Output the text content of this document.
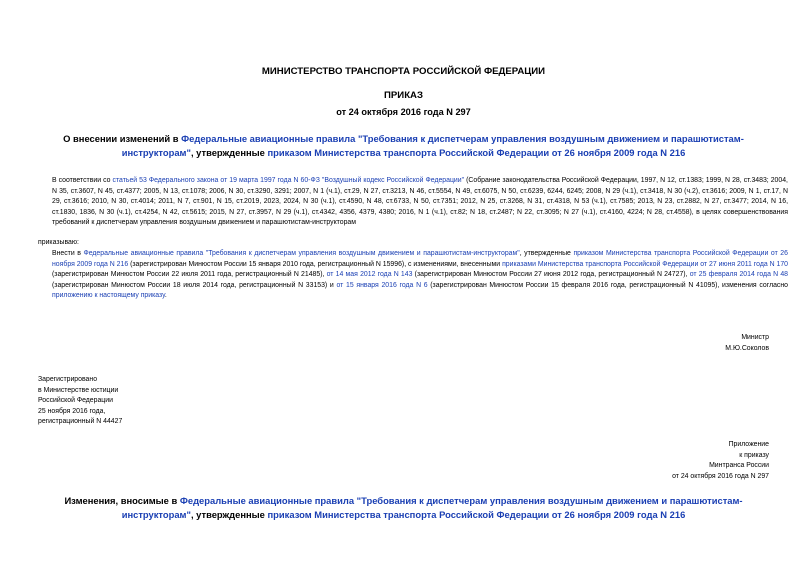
МИНИСТЕРСТВО ТРАНСПОРТА РОССИЙСКОЙ ФЕДЕРАЦИИ
ПРИКАЗ
от 24 октября 2016 года N 297
О внесении изменений в Федеральные авиационные правила "Требования к диспетчерам управления воздушным движением и парашютистам-инструкторам", утвержденные приказом Министерства транспорта Российской Федерации от 26 ноября 2009 года N 216
В соответствии со статьей 53 Федерального закона от 19 марта 1997 года N 60-ФЗ "Воздушный кодекс Российской Федерации" (Собрание законодательства Российской Федерации, 1997, N 12, ст.1383; 1999, N 28, ст.3483; 2004, N 35, ст.3607, N 45, ст.4377; 2005, N 13, ст.1078; 2006, N 30, ст.3290, 3291; 2007, N 1 (ч.1), ст.29, N 27, ст.3213, N 46, ст.5554, N 49, ст.6075, N 50, ст.6239, 6244, 6245; 2008, N 29 (ч.1), ст.3418, N 30 (ч.2), ст.3616; 2009, N 1, ст.17, N 29, ст.3616; 2010, N 30, ст.4014; 2011, N 7, ст.901, N 15, ст.2019, 2023, 2024, N 30 (ч.1), ст.4590, N 48, ст.6733, N 50, ст.7351; 2012, N 25, ст.3268, N 31, ст.4318, N 53 (ч.1), ст.7585; 2013, N 23, ст.2882, N 27, ст.3477; 2014, N 16, ст.1830, 1836, N 30 (ч.1), ст.4254, N 42, ст.5615; 2015, N 27, ст.3957, N 29 (ч.1), ст.4342, 4356, 4379, 4380; 2016, N 1 (ч.1), ст.82; N 18, ст.2487; N 22, ст.3095; N 27 (ч.1), ст.4160, 4224; N 28, ст.4558), в целях совершенствования требований к диспетчерам управления воздушным движением и парашютистам-инструкторам
приказываю:
Внести в Федеральные авиационные правила "Требования к диспетчерам управления воздушным движением и парашютистам-инструкторам", утвержденные приказом Министерства транспорта Российской Федерации от 26 ноября 2009 года N 216 (зарегистрирован Минюстом России 15 января 2010 года, регистрационный N 15996), с изменениями, внесенными приказами Министерства транспорта Российской Федерации от 27 июня 2011 года N 170 (зарегистрирован Минюстом России 22 июля 2011 года, регистрационный N 21485), от 14 мая 2012 года N 143 (зарегистрирован Минюстом России 27 июня 2012 года, регистрационный N 24727), от 25 февраля 2014 года N 48 (зарегистрирован Минюстом России 18 июля 2014 года, регистрационный N 33153) и от 15 января 2016 года N 6 (зарегистрирован Минюстом России 15 февраля 2016 года, регистрационный N 41095), изменения согласно приложению к настоящему приказу.
Министр
М.Ю.Соколов
Зарегистрировано
в Министерстве юстиции
Российской Федерации
25 ноября 2016 года,
регистрационный N 44427
Приложение
к приказу
Минтранса России
от 24 октября 2016 года N 297
Изменения, вносимые в Федеральные авиационные правила "Требования к диспетчерам управления воздушным движением и парашютистам-инструкторам", утвержденные приказом Министерства транспорта Российской Федерации от 26 ноября 2009 года N 216
